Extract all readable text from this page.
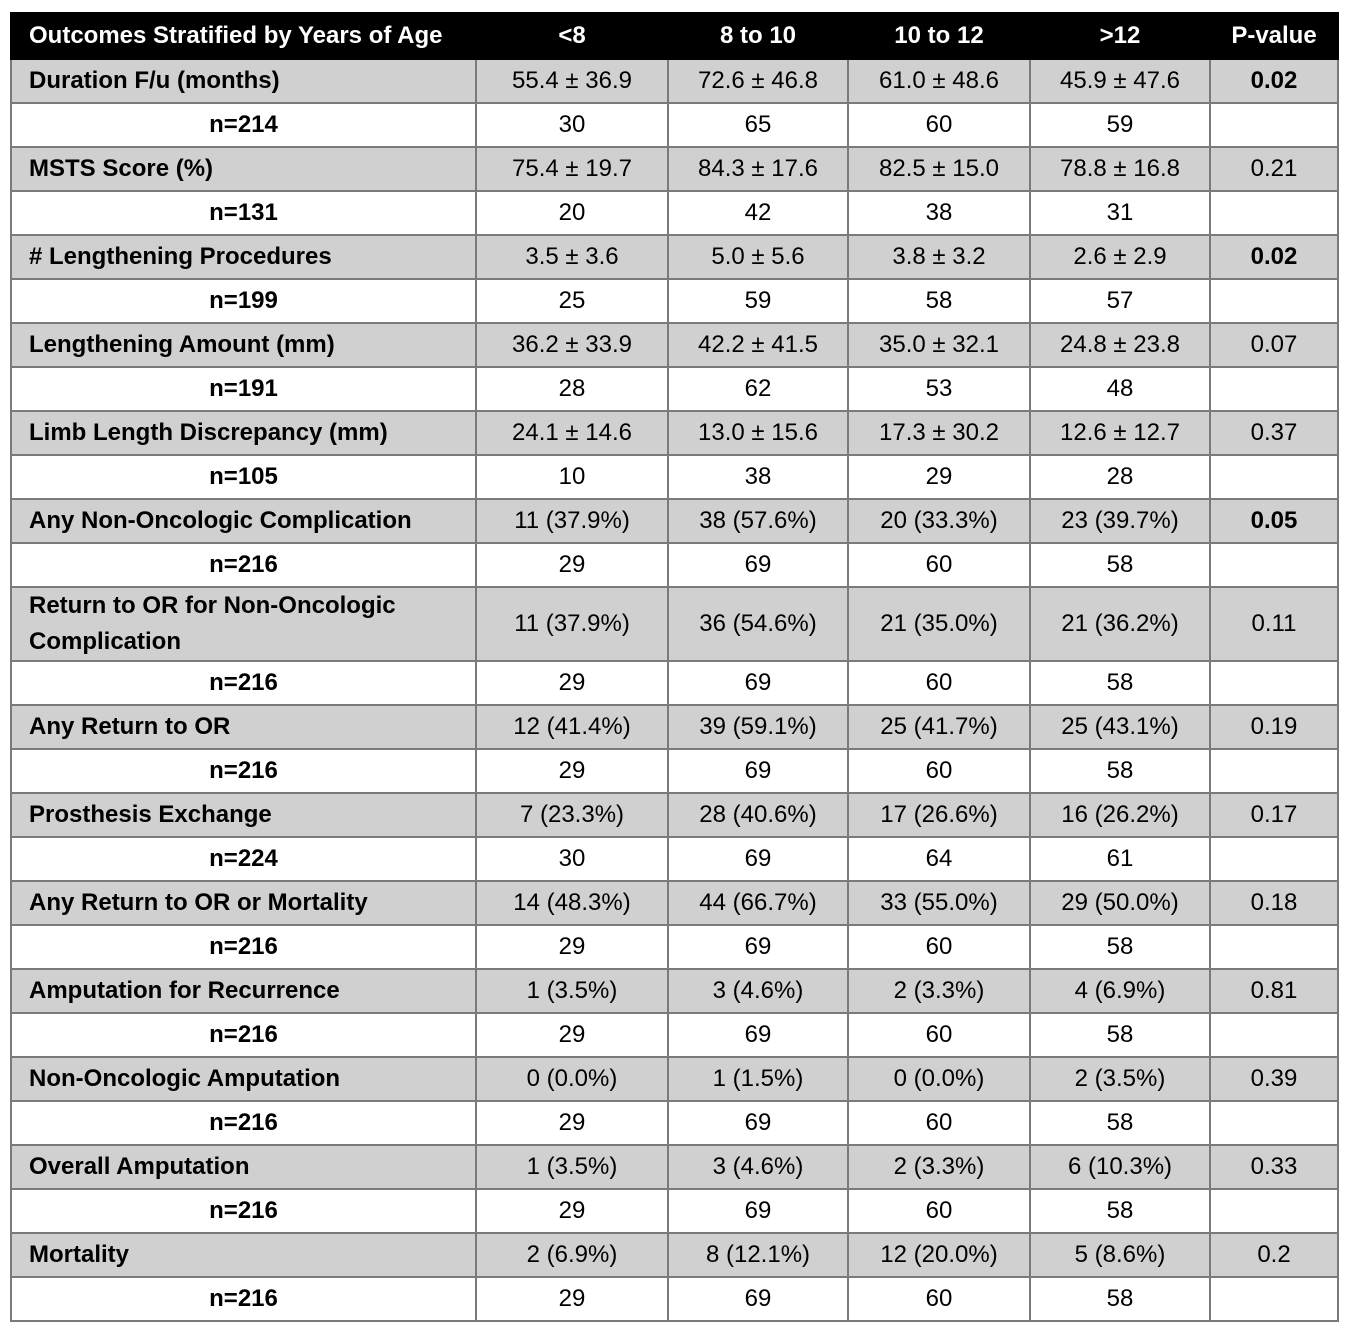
Outcomes Stratified by Years of Age	<8	8 to 10	10 to 12	>12	P-value
Duration F/u (months)	55.4 ± 36.9	72.6 ± 46.8	61.0 ± 48.6	45.9 ± 47.6	0.02
n=214	30	65	60	59	
MSTS Score (%)	75.4 ± 19.7	84.3 ± 17.6	82.5 ± 15.0	78.8 ± 16.8	0.21
n=131	20	42	38	31	
# Lengthening Procedures	3.5 ± 3.6	5.0 ± 5.6	3.8 ± 3.2	2.6 ± 2.9	0.02
n=199	25	59	58	57	
Lengthening Amount (mm)	36.2 ± 33.9	42.2 ± 41.5	35.0 ± 32.1	24.8 ± 23.8	0.07
n=191	28	62	53	48	
Limb Length Discrepancy (mm)	24.1 ± 14.6	13.0 ± 15.6	17.3 ± 30.2	12.6 ± 12.7	0.37
n=105	10	38	29	28	
Any Non-Oncologic Complication	11 (37.9%)	38 (57.6%)	20 (33.3%)	23 (39.7%)	0.05
n=216	29	69	60	58	
Return to OR for Non-Oncologic Complication	11 (37.9%)	36 (54.6%)	21 (35.0%)	21 (36.2%)	0.11
n=216	29	69	60	58	
Any Return to OR	12 (41.4%)	39 (59.1%)	25 (41.7%)	25 (43.1%)	0.19
n=216	29	69	60	58	
Prosthesis Exchange	7 (23.3%)	28 (40.6%)	17 (26.6%)	16 (26.2%)	0.17
n=224	30	69	64	61	
Any Return to OR or Mortality	14 (48.3%)	44 (66.7%)	33 (55.0%)	29 (50.0%)	0.18
n=216	29	69	60	58	
Amputation for Recurrence	1 (3.5%)	3 (4.6%)	2 (3.3%)	4 (6.9%)	0.81
n=216	29	69	60	58	
Non-Oncologic Amputation	0 (0.0%)	1 (1.5%)	0 (0.0%)	2 (3.5%)	0.39
n=216	29	69	60	58	
Overall Amputation	1 (3.5%)	3 (4.6%)	2 (3.3%)	6 (10.3%)	0.33
n=216	29	69	60	58	
Mortality	2 (6.9%)	8 (12.1%)	12 (20.0%)	5 (8.6%)	0.2
n=216	29	69	60	58	
